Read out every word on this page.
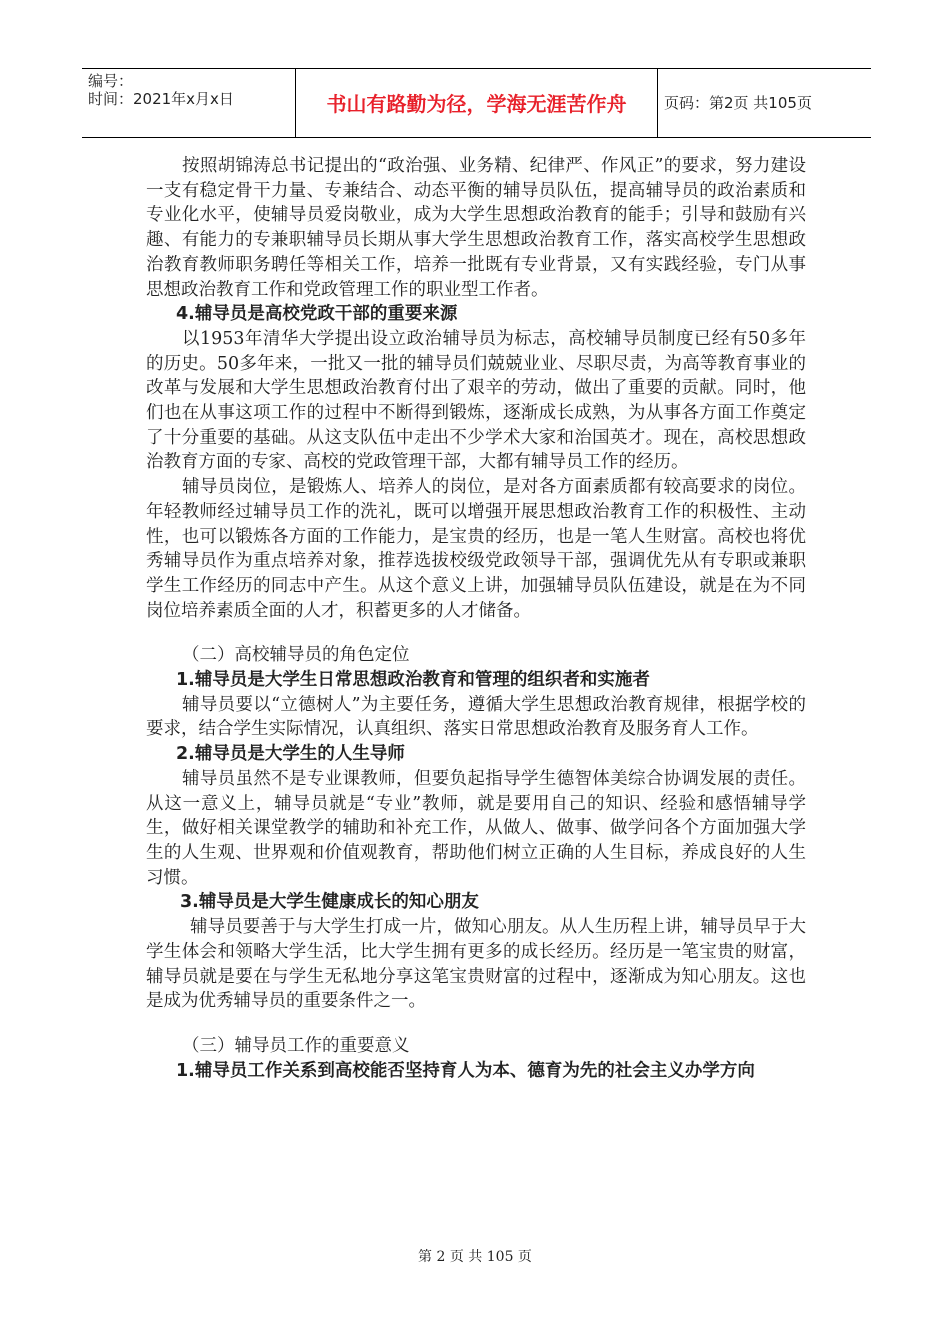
编号：
时间：2021年x月x日	书山有路勤为径，学海无涯苦作舟	页码：第2页 共105页

按照胡锦涛总书记提出的“政治强、业务精、纪律严、作风正”的要求，努力建设一支有稳定骨干力量、专兼结合、动态平衡的辅导员队伍，提高辅导员的政治素质和专业化水平，使辅导员爱岗敬业，成为大学生思想政治教育的能手；引导和鼓励有兴趣、有能力的专兼职辅导员长期从事大学生思想政治教育工作，落实高校学生思想政治教育教师职务聘任等相关工作，培养一批既有专业背景，又有实践经验，专门从事思想政治教育工作和党政管理工作的职业型工作者。

4.辅导员是高校党政干部的重要来源

以1953年清华大学提出设立政治辅导员为标志，高校辅导员制度已经有50多年的历史。50多年来，一批又一批的辅导员们兢兢业业、尽职尽责，为高等教育事业的改革与发展和大学生思想政治教育付出了艰辛的劳动，做出了重要的贡献。同时，他们也在从事这项工作的过程中不断得到锻炼，逐渐成长成熟，为从事各方面工作奠定了十分重要的基础。从这支队伍中走出不少学术大家和治国英才。现在，高校思想政治教育方面的专家、高校的党政管理干部，大都有辅导员工作的经历。

辅导员岗位，是锻炼人、培养人的岗位，是对各方面素质都有较高要求的岗位。年轻教师经过辅导员工作的洗礼，既可以增强开展思想政治教育工作的积极性、主动性，也可以锻炼各方面的工作能力，是宝贵的经历，也是一笔人生财富。高校也将优秀辅导员作为重点培养对象，推荐选拔校级党政领导干部，强调优先从有专职或兼职学生工作经历的同志中产生。从这个意义上讲，加强辅导员队伍建设，就是在为不同岗位培养素质全面的人才，积蓄更多的人才储备。

（二）高校辅导员的角色定位

1.辅导员是大学生日常思想政治教育和管理的组织者和实施者

辅导员要以“立德树人”为主要任务，遵循大学生思想政治教育规律，根据学校的要求，结合学生实际情况，认真组织、落实日常思想政治教育及服务育人工作。

2.辅导员是大学生的人生导师

辅导员虽然不是专业课教师，但要负起指导学生德智体美综合协调发展的责任。从这一意义上，辅导员就是“专业”教师，就是要用自己的知识、经验和感悟辅导学生，做好相关课堂教学的辅助和补充工作，从做人、做事、做学问各个方面加强大学生的人生观、世界观和价值观教育，帮助他们树立正确的人生目标，养成良好的人生习惯。

3.辅导员是大学生健康成长的知心朋友

辅导员要善于与大学生打成一片，做知心朋友。从人生历程上讲，辅导员早于大学生体会和领略大学生活，比大学生拥有更多的成长经历。经历是一笔宝贵的财富，辅导员就是要在与学生无私地分享这笔宝贵财富的过程中，逐渐成为知心朋友。这也是成为优秀辅导员的重要条件之一。

（三）辅导员工作的重要意义

1.辅导员工作关系到高校能否坚持育人为本、德育为先的社会主义办学方向

第 2 页 共 105 页
